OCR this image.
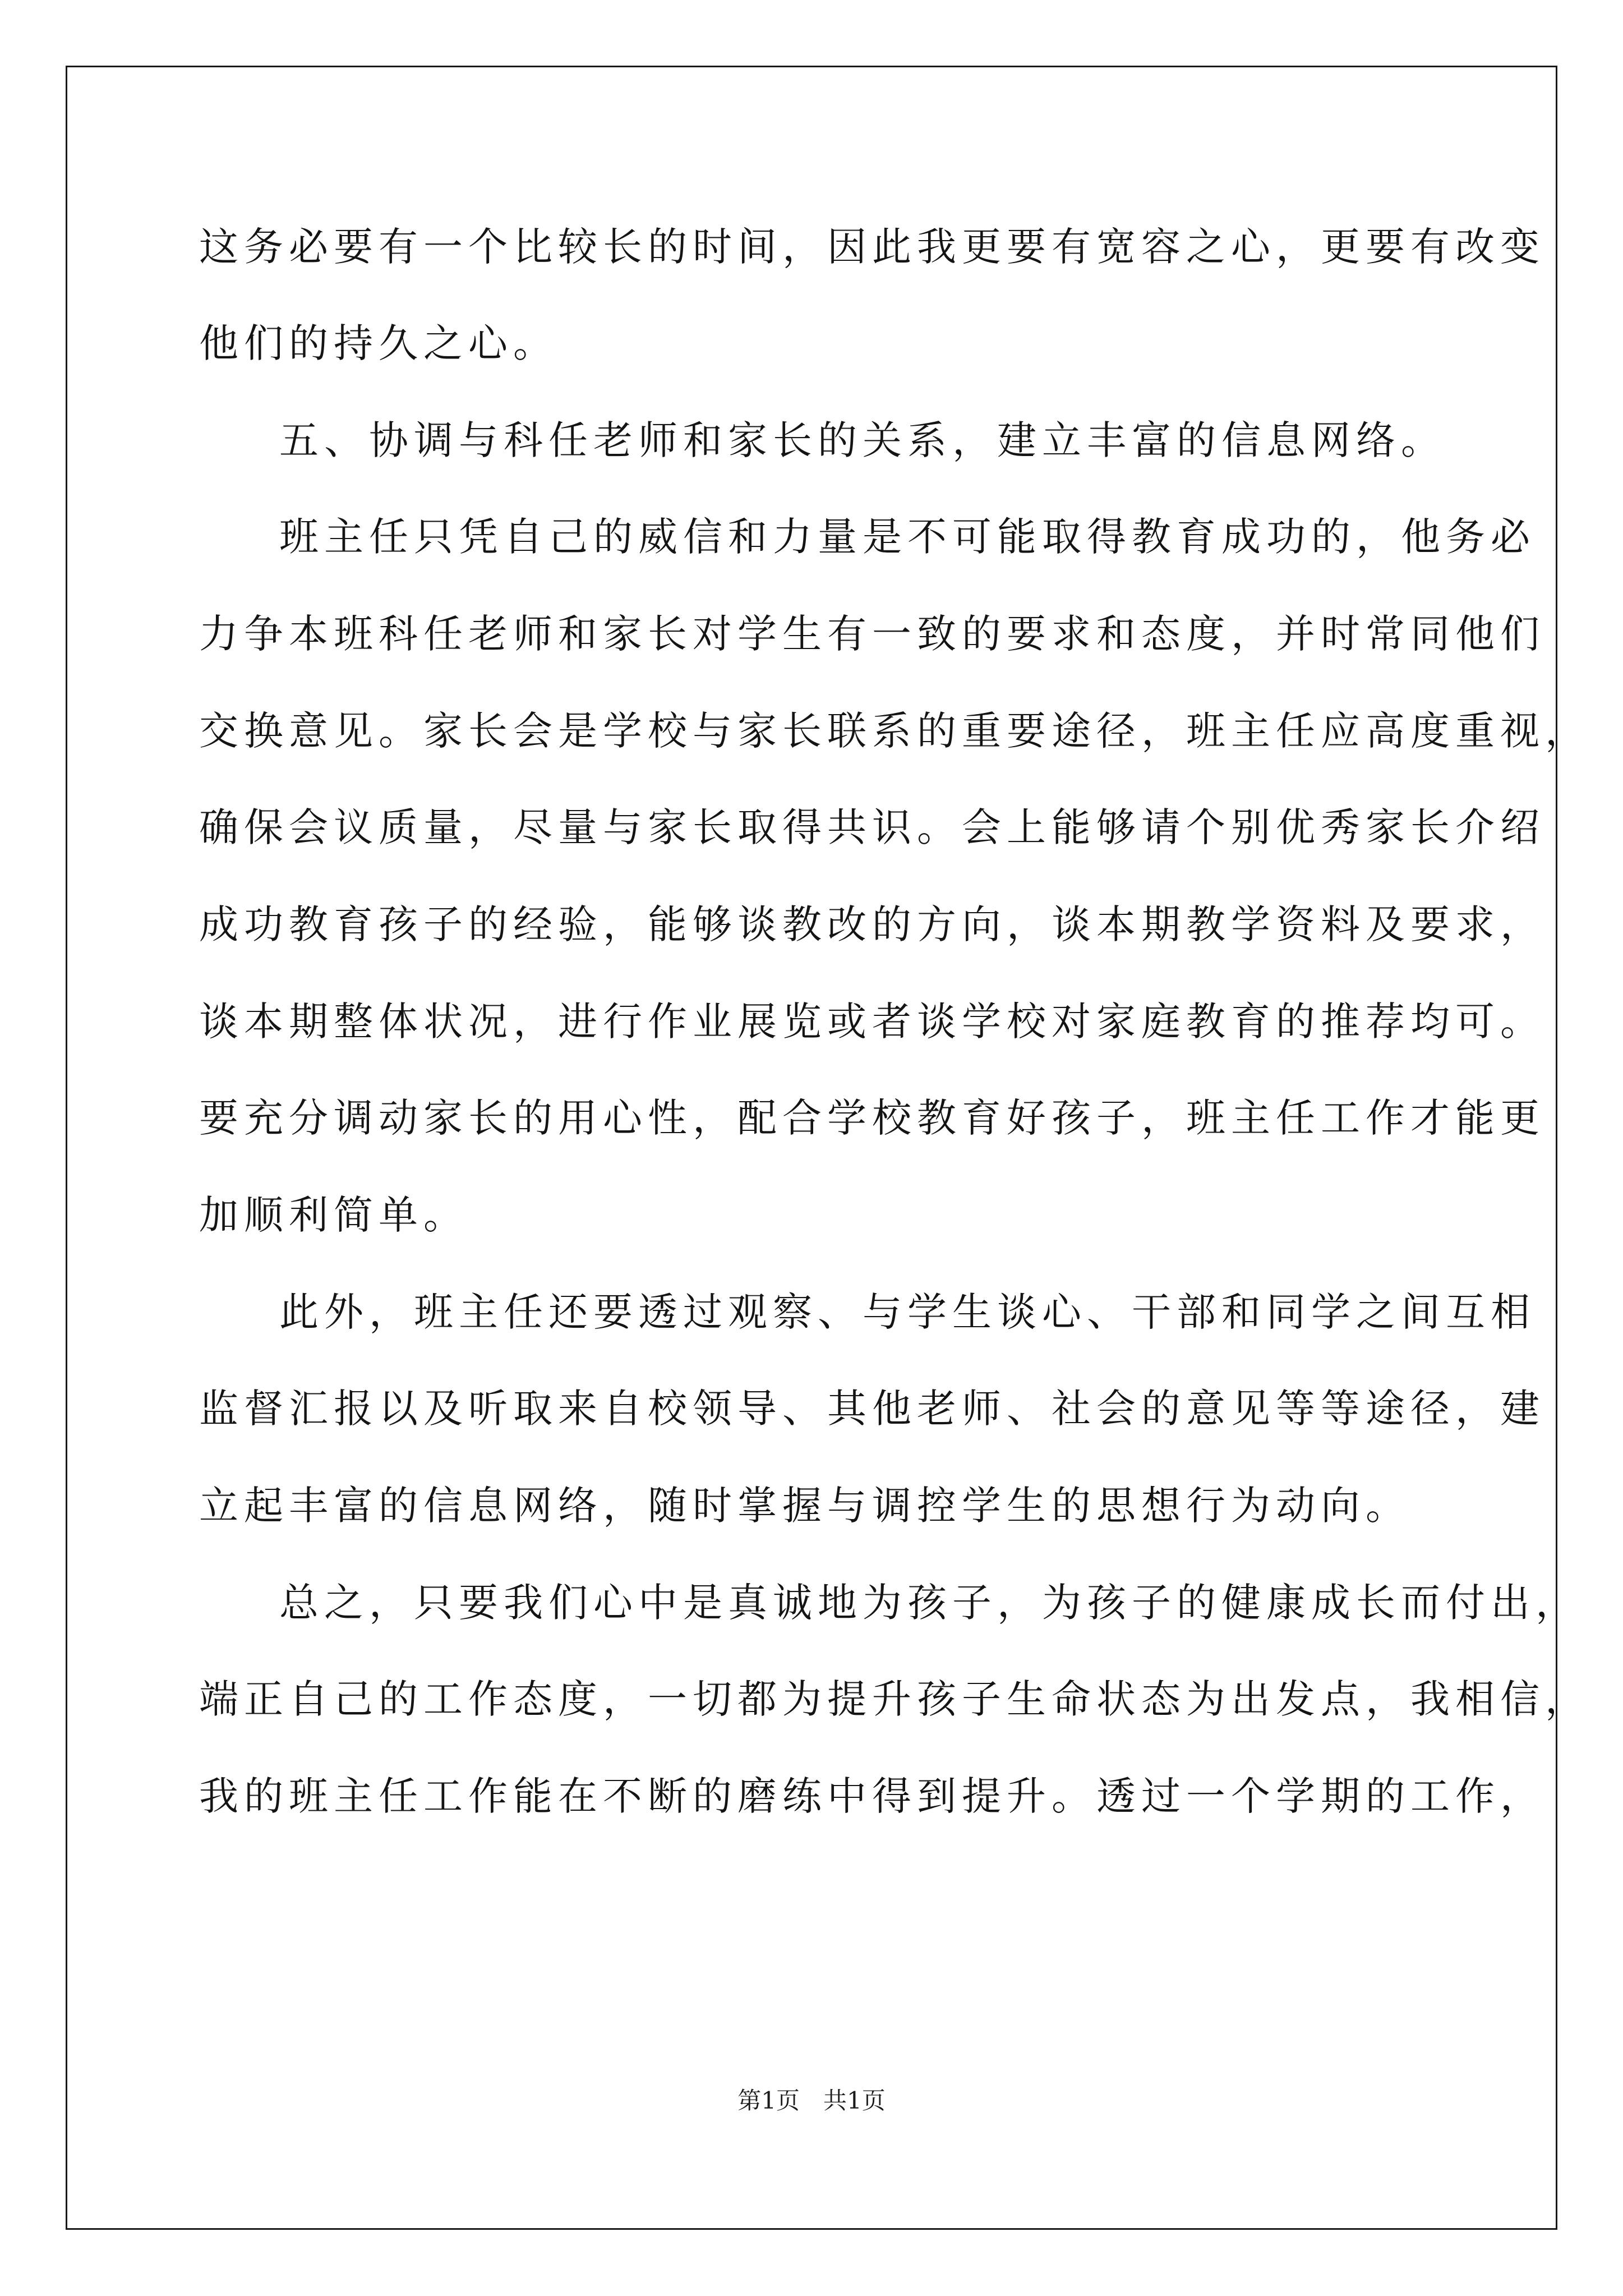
这务必要有一个比较长的时间，因此我更要有宽容之心，更要有改变
他们的持久之心。
五、协调与科任老师和家长的关系，建立丰富的信息网络。
班主任只凭自己的威信和力量是不可能取得教育成功的，他务必
力争本班科任老师和家长对学生有一致的要求和态度，并时常同他们
交换意见。家长会是学校与家长联系的重要途径，班主任应高度重视，
确保会议质量，尽量与家长取得共识。会上能够请个别优秀家长介绍
成功教育孩子的经验，能够谈教改的方向，谈本期教学资料及要求，
谈本期整体状况，进行作业展览或者谈学校对家庭教育的推荐均可。
要充分调动家长的用心性，配合学校教育好孩子，班主任工作才能更
加顺利简单。
此外，班主任还要透过观察、与学生谈心、干部和同学之间互相
监督汇报以及听取来自校领导、其他老师、社会的意见等等途径，建
立起丰富的信息网络，随时掌握与调控学生的思想行为动向。
总之，只要我们心中是真诚地为孩子，为孩子的健康成长而付出，
端正自己的工作态度，一切都为提升孩子生命状态为出发点，我相信，
我的班主任工作能在不断的磨练中得到提升。透过一个学期的工作，
第1页　共1页
